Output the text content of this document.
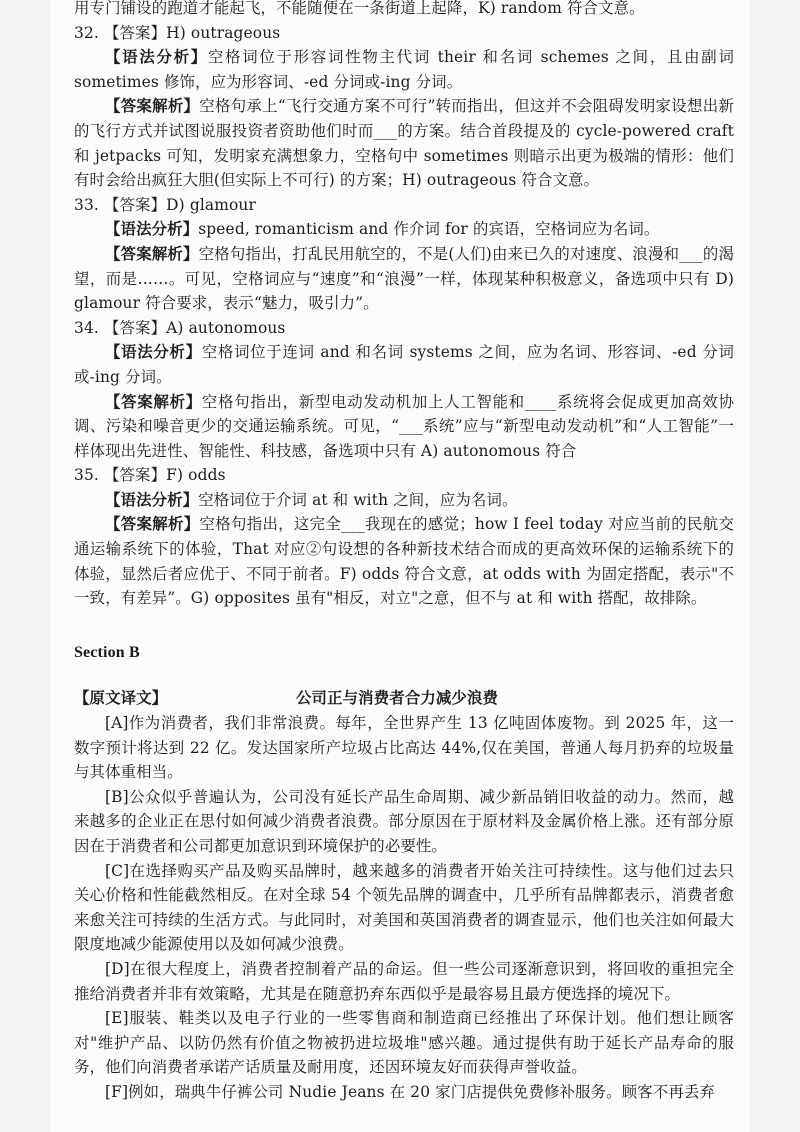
用专门铺设的跑道才能起飞，不能随便在一条街道上起降，K) random 符合文意。

32. 【答案】H) outrageous

【语法分析】空格词位于形容词性物主代词 their 和名词 schemes 之间，且由副词 sometimes 修饰，应为形容词、-ed 分词或-ing 分词。

【答案解析】空格句承上“飞行交通方案不可行”转而指出，但这并不会阻碍发明家设想出新的飞行方式并试图说服投资者资助他们时而___的方案。结合首段提及的 cycle-powered craft 和 jetpacks 可知，发明家充满想象力，空格句中 sometimes 则暗示出更为极端的情形：他们有时会给出疯狂大胆(但实际上不可行) 的方案；H) outrageous 符合文意。

33. 【答案】D) glamour

【语法分析】speed, romanticism and 作介词 for 的宾语，空格词应为名词。

【答案解析】空格句指出，打乱民用航空的，不是(人们)由来已久的对速度、浪漫和___的渴望，而是……。可见，空格词应与“速度”和“浪漫”一样，体现某种积极意义，备选项中只有 D) glamour 符合要求，表示“魅力，吸引力”。

34. 【答案】A) autonomous

【语法分析】空格词位于连词 and 和名词 systems 之间，应为名词、形容词、-ed 分词或-ing 分词。

【答案解析】空格句指出，新型电动发动机加上人工智能和____系统将会促成更加高效协调、污染和噪音更少的交通运输系统。可见，“___系统”应与“新型电动发动机”和“人工智能”一样体现出先进性、智能性、科技感，备选项中只有 A) autonomous 符合

35. 【答案】F) odds

【语法分析】空格词位于介词 at 和 with 之间，应为名词。

【答案解析】空格句指出，这完全___我现在的感觉；how I feel today 对应当前的民航交通运输系统下的体验，That 对应②句设想的各种新技术结合而成的更高效环保的运输系统下的体验，显然后者应优于、不同于前者。F) odds 符合文意，at odds with 为固定搭配，表示"不一致，有差异”。G) opposites 虽有"相反，对立"之意，但不与 at 和 with 搭配，故排除。

Section B

【原文译文】	公司正与消费者合力减少浪费

[A]作为消费者，我们非常浪费。每年，全世界产生 13 亿吨固体废物。到 2025 年，这一数字预计将达到 22 亿。发达国家所产垃圾占比高达 44%,仅在美国，普通人每月扔弃的垃圾量与其体重相当。

[B]公众似乎普遍认为，公司没有延长产品生命周期、减少新品销旧收益的动力。然而，越来越多的企业正在思付如何减少消费者浪费。部分原因在于原材料及金属价格上涨。还有部分原因在于消费者和公司都更加意识到环境保护的必要性。

[C]在选择购买产品及购买品牌时，越来越多的消费者开始关注可持续性。这与他们过去只关心价格和性能截然相反。在对全球 54 个领先品牌的调查中，几乎所有品牌都表示，消费者愈来愈关注可持续的生活方式。与此同时，对美国和英国消费者的调查显示，他们也关注如何最大限度地减少能源使用以及如何减少浪费。

[D]在很大程度上，消费者控制着产品的命运。但一些公司逐渐意识到，将回收的重担完全推给消费者并非有效策略，尤其是在随意扔弃东西似乎是最容易且最方便选择的境况下。

[E]服装、鞋类以及电子行业的一些零售商和制造商已经推出了环保计划。他们想让顾客对"维护产品、以防仍然有价值之物被扔进垃圾堆"感兴趣。通过提供有助于延长产品寿命的服务，他们向消费者承诺产话质量及耐用度，还因环境友好而获得声誉收益。

[F]例如，瑞典牛仔裤公司 Nudie Jeans 在 20 家门店提供免费修补服务。顾客不再丢弃
